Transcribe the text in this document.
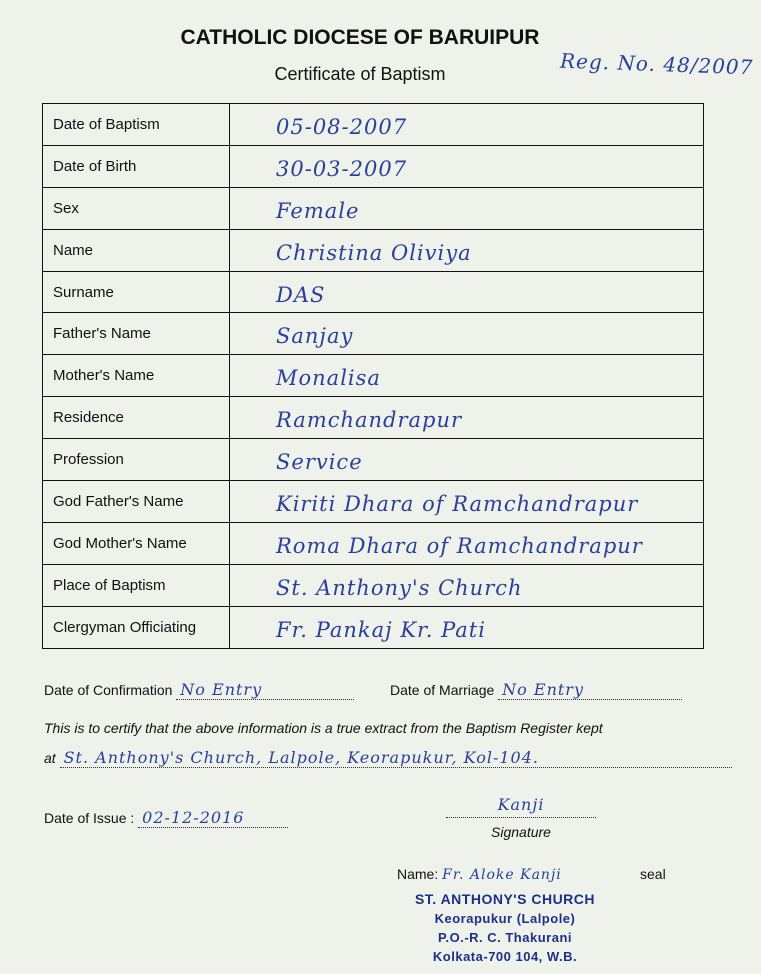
CATHOLIC DIOCESE OF BARUIPUR
Certificate of Baptism	Reg. No. 48/2007
Date of Baptism	05-08-2007
Date of Birth	30-03-2007
Sex	Female
Name	Christina Oliviya
Surname	DAS
Father's Name	Sanjay
Mother's Name	Monalisa
Residence	Ramchandrapur
Profession	Service
God Father's Name	Kiriti Dhara of Ramchandrapur
God Mother's Name	Roma Dhara of Ramchandrapur
Place of Baptism	St. Anthony's Church
Clergyman Officiating	Fr. Pankaj Kr. Pati
Date of Confirmation No Entry	Date of Marriage No Entry
This is to certify that the above information is a true extract from the Baptism Register kept
at St. Anthony's Church, Lalpole, Keorapukur, Kol-104.
Date of Issue : 02-12-2016
Kanji
Signature
Name: Fr. Aloke Kanji	seal
ST. ANTHONY'S CHURCH
Keorapukur (Lalpole)
P.O.-R. C. Thakurani
Kolkata-700 104, W.B.
